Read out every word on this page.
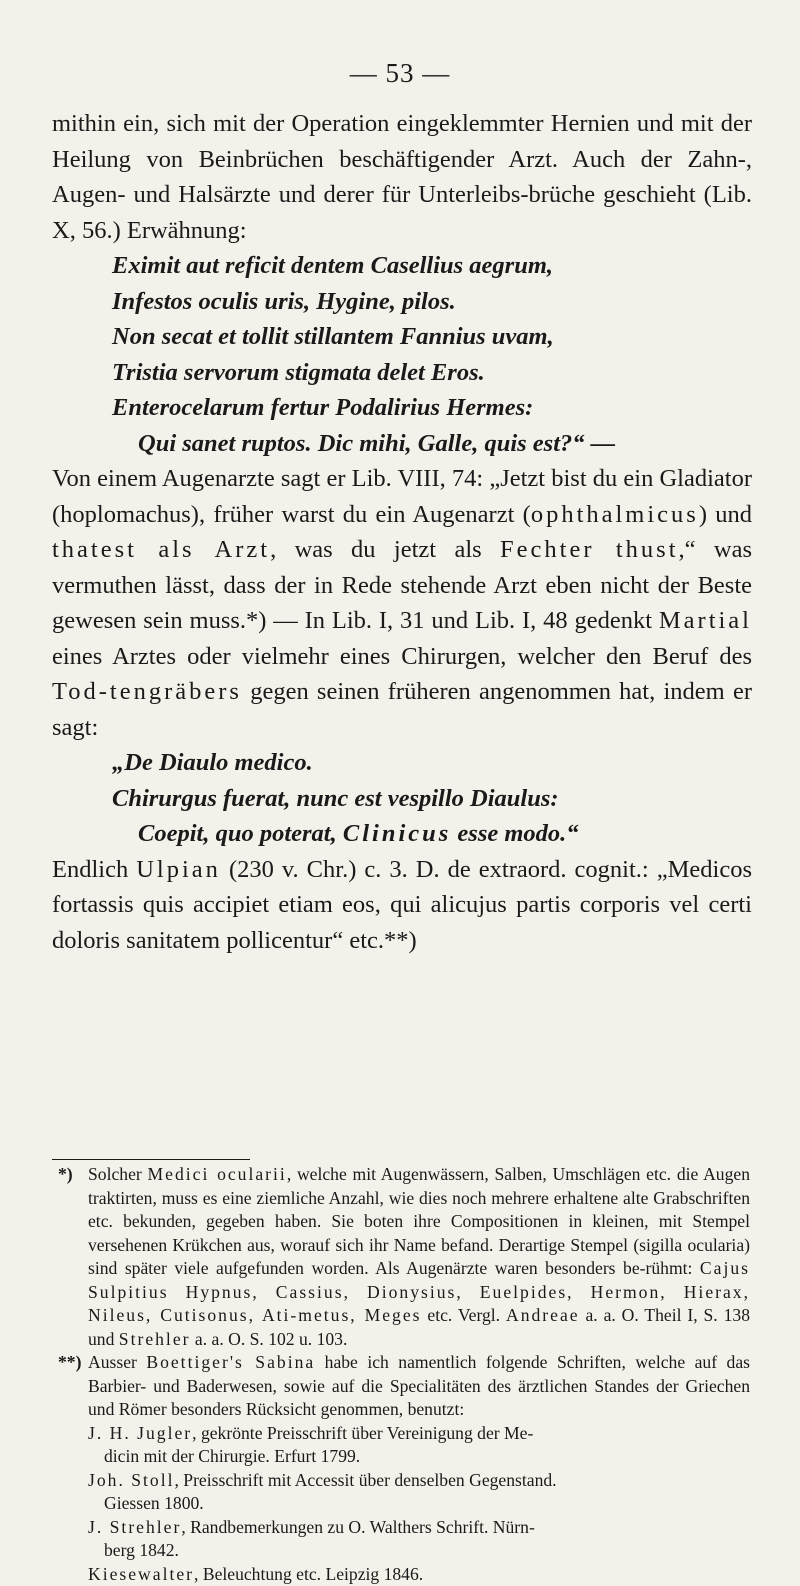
— 53 —

mithin ein, sich mit der Operation eingeklemmter Hernien und mit der Heilung von Beinbrüchen beschäftigender Arzt. Auch der Zahn-, Augen- und Halsärzte und derer für Unterleibs-brüche geschieht (Lib. X, 56.) Erwähnung:

Eximit aut reficit dentem Casellius aegrum,
Infestos oculis uris, Hygine, pilos.
Non secat et tollit stillantem Fannius uvam,
Tristia servorum stigmata delet Eros.
Enterocelarum fertur Podalirius Hermes:
Qui sanet ruptos. Dic mihi, Galle, quis est?“ —

Von einem Augenarzte sagt er Lib. VIII, 74: „Jetzt bist du ein Gladiator (hoplomachus), früher warst du ein Augenarzt (ophthalmicus) und thatest als Arzt, was du jetzt als Fechter thust,“ was vermuthen lässt, dass der in Rede stehende Arzt eben nicht der Beste gewesen sein muss.*) — In Lib. I, 31 und Lib. I, 48 gedenkt Martial eines Arztes oder vielmehr eines Chirurgen, welcher den Beruf des Tod-tengräbers gegen seinen früheren angenommen hat, indem er sagt:

„De Diaulo medico.
Chirurgus fuerat, nunc est vespillo Diaulus:
Coepit, quo poterat, Clinicus esse modo.“

Endlich Ulpian (230 v. Chr.) c. 3. D. de extraord. cognit.: „Medicos fortassis quis accipiet etiam eos, qui alicujus partis corporis vel certi doloris sanitatem pollicentur“ etc.**)

*) Solcher Medici ocularii, welche mit Augenwässern, Salben, Umschlägen etc. die Augen traktirten, muss es eine ziemliche Anzahl, wie dies noch mehrere erhaltene alte Grabschriften etc. bekunden, gegeben haben. Sie boten ihre Compositionen in kleinen, mit Stempel versehenen Krükchen aus, worauf sich ihr Name befand. Derartige Stempel (sigilla ocularia) sind später viele aufgefunden worden. Als Augenärzte waren besonders be-rühmt: Cajus Sulpitius Hypnus, Cassius, Dionysius, Euelpides, Hermon, Hierax, Nileus, Cutisonus, Ati-metus, Meges etc. Vergl. Andreae a. a. O. Theil I, S. 138 und Strehler a. a. O. S. 102 u. 103.

**) Ausser Boettiger's Sabina habe ich namentlich folgende Schriften, welche auf das Barbier- und Baderwesen, sowie auf die Specialitäten des ärztlichen Standes der Griechen und Römer besonders Rücksicht genommen, benutzt:

J. H. Jugler, gekrönte Preisschrift über Vereinigung der Me-
dicin mit der Chirurgie. Erfurt 1799.

Joh. Stoll, Preisschrift mit Accessit über denselben Gegenstand.
Giessen 1800.

J. Strehler, Randbemerkungen zu O. Walthers Schrift. Nürn-
berg 1842.

Kiesewalter, Beleuchtung etc. Leipzig 1846.
